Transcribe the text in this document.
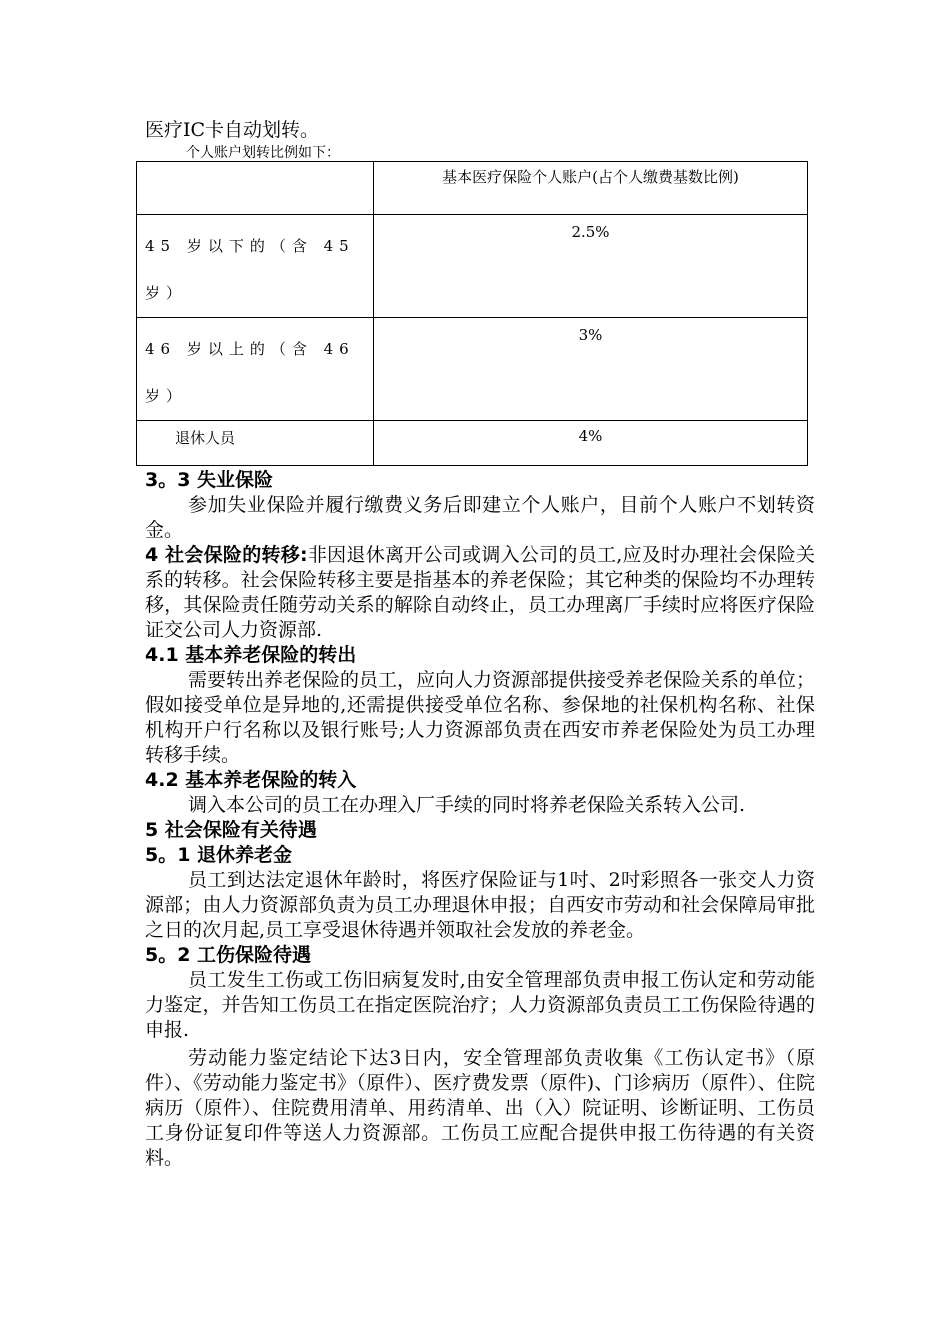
医疗IC卡自动划转。

个人账户划转比例如下：

	基本医疗保险个人账户(占个人缴费基数比例)

45 岁以下的（含 45
岁）	2.5%

46 岁以上的（含 46
岁）	3%
退休人员	4%

3。3 失业保险

参加失业保险并履行缴费义务后即建立个人账户，目前个人账户不划转资金。

4 社会保险的转移:非因退休离开公司或调入公司的员工,应及时办理社会保险关系的转移。社会保险转移主要是指基本的养老保险；其它种类的保险均不办理转移，其保险责任随劳动关系的解除自动终止，员工办理离厂手续时应将医疗保险证交公司人力资源部.

4.1 基本养老保险的转出

需要转出养老保险的员工，应向人力资源部提供接受养老保险关系的单位；假如接受单位是异地的,还需提供接受单位名称、参保地的社保机构名称、社保机构开户行名称以及银行账号;人力资源部负责在西安市养老保险处为员工办理转移手续。

4.2 基本养老保险的转入

调入本公司的员工在办理入厂手续的同时将养老保险关系转入公司.

5 社会保险有关待遇

5。1 退休养老金

员工到达法定退休年龄时，将医疗保险证与1吋、2吋彩照各一张交人力资源部；由人力资源部负责为员工办理退休申报；自西安市劳动和社会保障局审批之日的次月起,员工享受退休待遇并领取社会发放的养老金。

5。2 工伤保险待遇

员工发生工伤或工伤旧病复发时,由安全管理部负责申报工伤认定和劳动能力鉴定，并告知工伤员工在指定医院治疗；人力资源部负责员工工伤保险待遇的申报.

劳动能力鉴定结论下达3日内，安全管理部负责收集《工伤认定书》（原件）、《劳动能力鉴定书》（原件）、医疗费发票（原件)、门诊病历（原件）、住院病历（原件）、住院费用清单、用药清单、出（入）院证明、诊断证明、工伤员工身份证复印件等送人力资源部。工伤员工应配合提供申报工伤待遇的有关资料。
